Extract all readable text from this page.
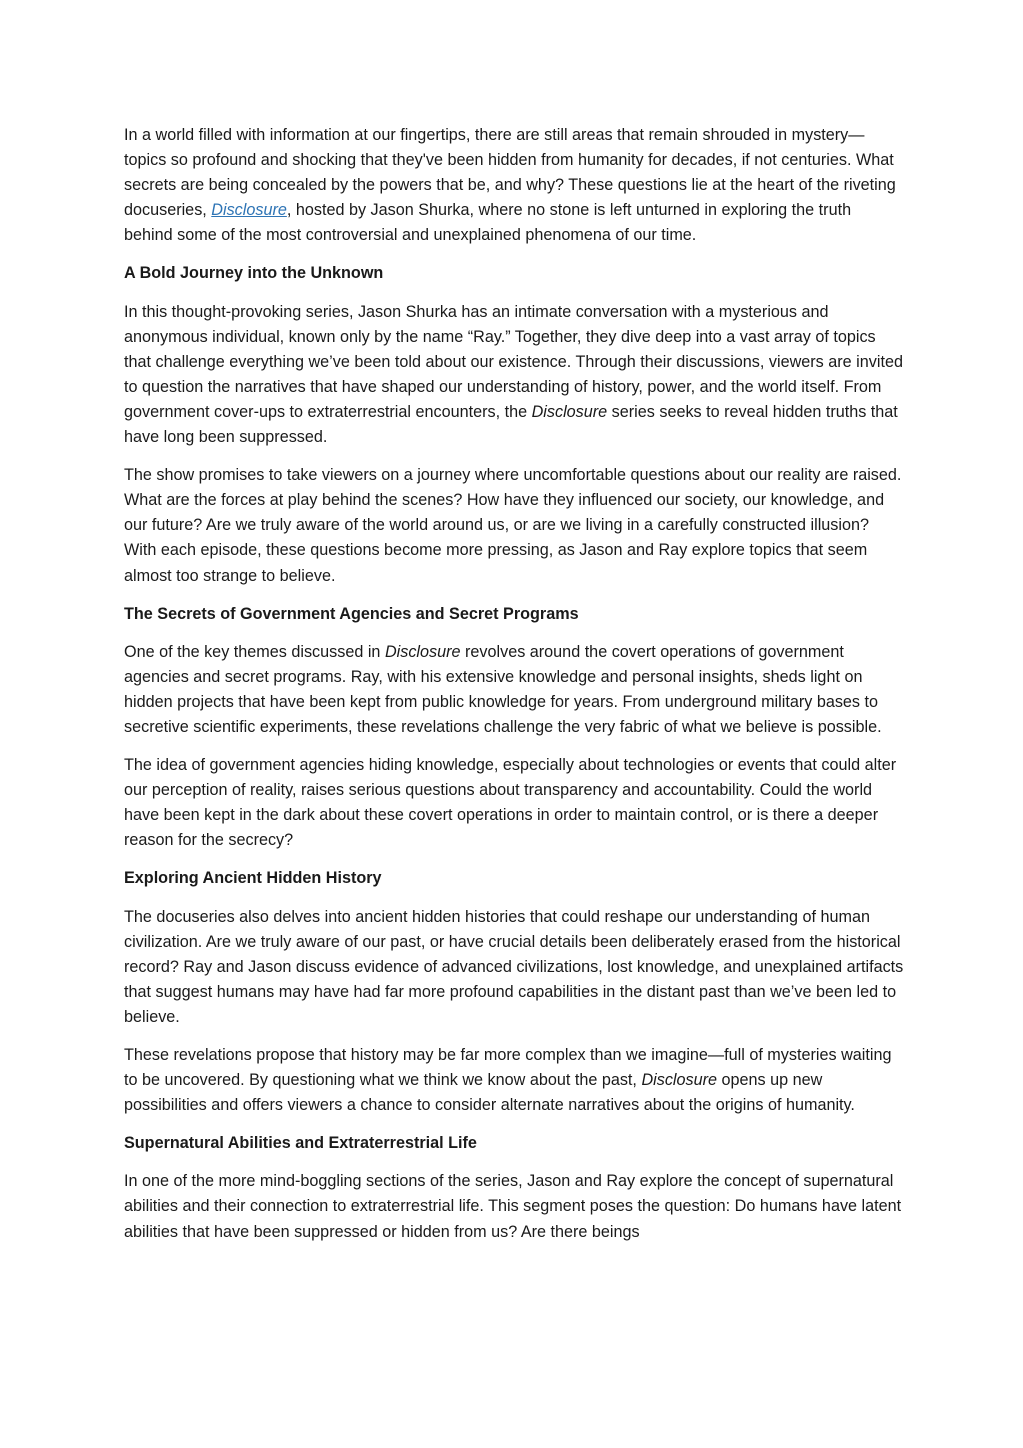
In a world filled with information at our fingertips, there are still areas that remain shrouded in mystery—topics so profound and shocking that they've been hidden from humanity for decades, if not centuries. What secrets are being concealed by the powers that be, and why? These questions lie at the heart of the riveting docuseries, Disclosure, hosted by Jason Shurka, where no stone is left unturned in exploring the truth behind some of the most controversial and unexplained phenomena of our time.

A Bold Journey into the Unknown

In this thought-provoking series, Jason Shurka has an intimate conversation with a mysterious and anonymous individual, known only by the name “Ray.” Together, they dive deep into a vast array of topics that challenge everything we’ve been told about our existence. Through their discussions, viewers are invited to question the narratives that have shaped our understanding of history, power, and the world itself. From government cover-ups to extraterrestrial encounters, the Disclosure series seeks to reveal hidden truths that have long been suppressed.

The show promises to take viewers on a journey where uncomfortable questions about our reality are raised. What are the forces at play behind the scenes? How have they influenced our society, our knowledge, and our future? Are we truly aware of the world around us, or are we living in a carefully constructed illusion? With each episode, these questions become more pressing, as Jason and Ray explore topics that seem almost too strange to believe.

The Secrets of Government Agencies and Secret Programs

One of the key themes discussed in Disclosure revolves around the covert operations of government agencies and secret programs. Ray, with his extensive knowledge and personal insights, sheds light on hidden projects that have been kept from public knowledge for years. From underground military bases to secretive scientific experiments, these revelations challenge the very fabric of what we believe is possible.

The idea of government agencies hiding knowledge, especially about technologies or events that could alter our perception of reality, raises serious questions about transparency and accountability. Could the world have been kept in the dark about these covert operations in order to maintain control, or is there a deeper reason for the secrecy?

Exploring Ancient Hidden History

The docuseries also delves into ancient hidden histories that could reshape our understanding of human civilization. Are we truly aware of our past, or have crucial details been deliberately erased from the historical record? Ray and Jason discuss evidence of advanced civilizations, lost knowledge, and unexplained artifacts that suggest humans may have had far more profound capabilities in the distant past than we’ve been led to believe.

These revelations propose that history may be far more complex than we imagine—full of mysteries waiting to be uncovered. By questioning what we think we know about the past, Disclosure opens up new possibilities and offers viewers a chance to consider alternate narratives about the origins of humanity.

Supernatural Abilities and Extraterrestrial Life

In one of the more mind-boggling sections of the series, Jason and Ray explore the concept of supernatural abilities and their connection to extraterrestrial life. This segment poses the question: Do humans have latent abilities that have been suppressed or hidden from us? Are there beings
